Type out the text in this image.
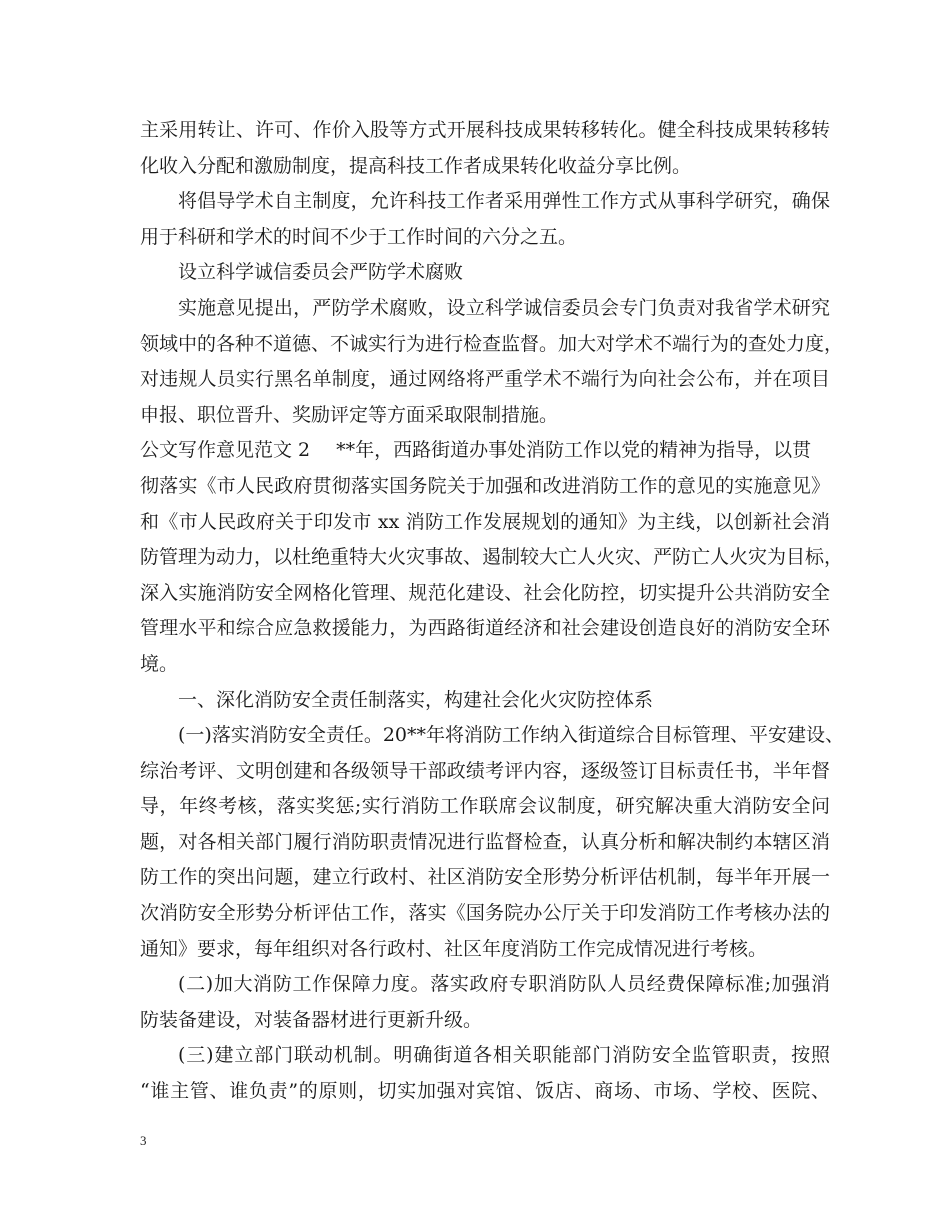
主采用转让、许可、作价入股等方式开展科技成果转移转化。健全科技成果转移转
化收入分配和激励制度，提高科技工作者成果转化收益分享比例。
将倡导学术自主制度，允许科技工作者采用弹性工作方式从事科学研究，确保
用于科研和学术的时间不少于工作时间的六分之五。
设立科学诚信委员会严防学术腐败
实施意见提出，严防学术腐败，设立科学诚信委员会专门负责对我省学术研究
领域中的各种不道德、不诚实行为进行检查监督。加大对学术不端行为的查处力度，
对违规人员实行黑名单制度，通过网络将严重学术不端行为向社会公布，并在项目
申报、职位晋升、奖励评定等方面采取限制措施。
公文写作意见范文 2 **年，西路街道办事处消防工作以党的精神为指导，以贯
彻落实《市人民政府贯彻落实国务院关于加强和改进消防工作的意见的实施意见》
和《市人民政府关于印发市 xx 消防工作发展规划的通知》为主线，以创新社会消
防管理为动力，以杜绝重特大火灾事故、遏制较大亡人火灾、严防亡人火灾为目标，
深入实施消防安全网格化管理、规范化建设、社会化防控，切实提升公共消防安全
管理水平和综合应急救援能力，为西路街道经济和社会建设创造良好的消防安全环
境。
一、深化消防安全责任制落实，构建社会化火灾防控体系
(一)落实消防安全责任。20**年将消防工作纳入街道综合目标管理、平安建设、
综治考评、文明创建和各级领导干部政绩考评内容，逐级签订目标责任书，半年督
导，年终考核，落实奖惩;实行消防工作联席会议制度，研究解决重大消防安全问
题，对各相关部门履行消防职责情况进行监督检查，认真分析和解决制约本辖区消
防工作的突出问题，建立行政村、社区消防安全形势分析评估机制，每半年开展一
次消防安全形势分析评估工作，落实《国务院办公厅关于印发消防工作考核办法的
通知》要求，每年组织对各行政村、社区年度消防工作完成情况进行考核。
(二)加大消防工作保障力度。落实政府专职消防队人员经费保障标准;加强消
防装备建设，对装备器材进行更新升级。
(三)建立部门联动机制。明确街道各相关职能部门消防安全监管职责，按照
“谁主管、谁负责”的原则，切实加强对宾馆、饭店、商场、市场、学校、医院、
3
